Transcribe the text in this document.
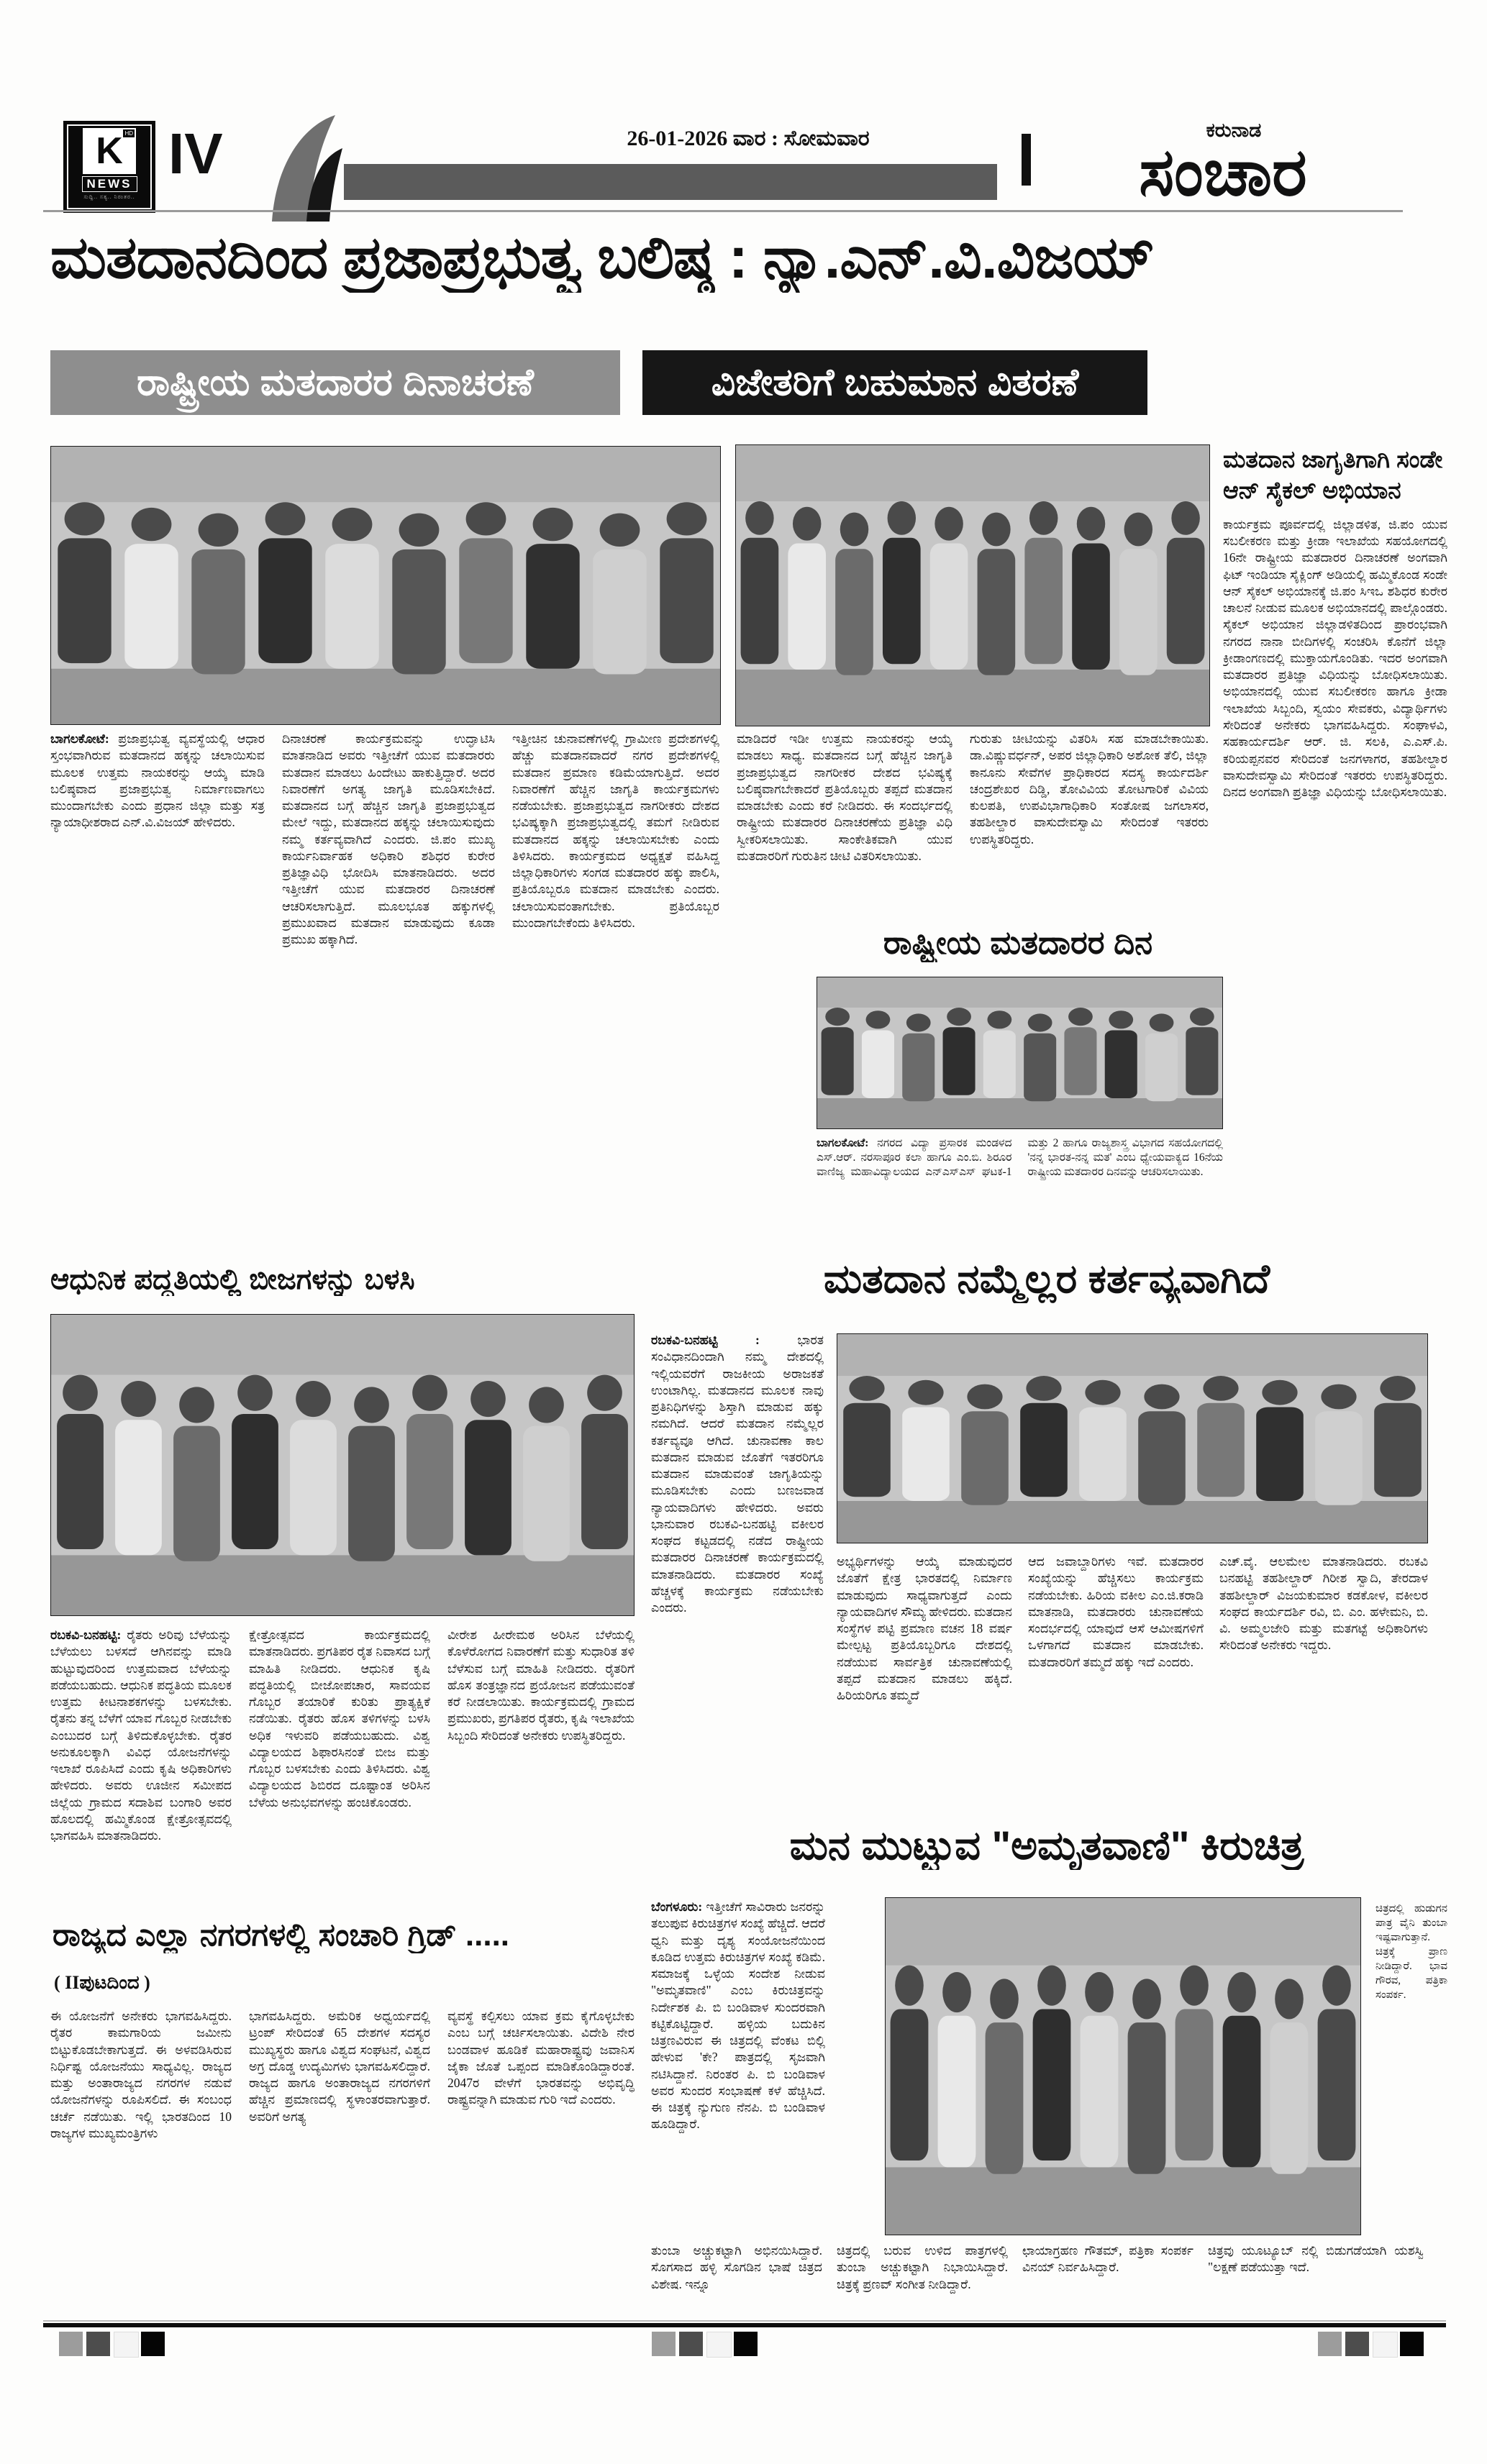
K HD
NEWS
ಸುದ್ದಿ.. ಸತ್ಯ.. ನಿರಂತರ..
IV	26-01-2026 ವಾರ : ಸೋಮವಾರ	ಕರುನಾಡ
ಸಂಚಾರ
ಮತದಾನದಿಂದ ಪ್ರಜಾಪ್ರಭುತ್ವ ಬಲಿಷ್ಠ : ನ್ಯಾ.ಎನ್.ವಿ.ವಿಜಯ್
ರಾಷ್ಟ್ರೀಯ ಮತದಾರರ ದಿನಾಚರಣೆ	ವಿಜೇತರಿಗೆ ಬಹುಮಾನ ವಿತರಣೆ
ಮತದಾನ ಜಾಗೃತಿಗಾಗಿ ಸಂಡೇ ಆನ್ ಸೈಕಲ್ ಅಭಿಯಾನ
ಕಾರ್ಯಕ್ರಮ ಪೂರ್ವದಲ್ಲಿ ಜಿಲ್ಲಾಡಳಿತ, ಜಿ.ಪಂ ಯುವ ಸಬಲೀಕರಣ ಮತ್ತು ಕ್ರೀಡಾ ಇಲಾಖೆಯ ಸಹಯೋಗದಲ್ಲಿ 16ನೇ ರಾಷ್ಟ್ರೀಯ ಮತದಾರರ ದಿನಾಚರಣೆ ಅಂಗವಾಗಿ ಫಿಟ್ ಇಂಡಿಯಾ ಸೈಕ್ಲಿಂಗ್ ಅಡಿಯಲ್ಲಿ ಹಮ್ಮಿಕೊಂಡ ಸಂಡೇ ಆನ್ ಸೈಕಲ್ ಅಭಿಯಾನಕ್ಕೆ ಜಿ.ಪಂ ಸಿಇಒ ಶಶಿಧರ ಕುರೇರ ಚಾಲನೆ ನೀಡುವ ಮೂಲಕ ಅಭಿಯಾನದಲ್ಲಿ ಪಾಲ್ಗೊಂಡರು. ಸೈಕಲ್ ಅಭಿಯಾನ ಜಿಲ್ಲಾಡಳಿತದಿಂದ ಪ್ರಾರಂಭವಾಗಿ ನಗರದ ನಾನಾ ಬೀದಿಗಳಲ್ಲಿ ಸಂಚರಿಸಿ ಕೊನೆಗೆ ಜಿಲ್ಲಾ ಕ್ರೀಡಾಂಗಣದಲ್ಲಿ ಮುಕ್ತಾಯಗೊಂಡಿತು. ಇದರ ಅಂಗವಾಗಿ ಮತದಾರರ ಪ್ರತಿಜ್ಞಾ ವಿಧಿಯನ್ನು ಬೋಧಿಸಲಾಯಿತು. ಅಭಿಯಾನದಲ್ಲಿ ಯುವ ಸಬಲೀಕರಣ ಹಾಗೂ ಕ್ರೀಡಾ ಇಲಾಖೆಯ ಸಿಬ್ಬಂದಿ, ಸ್ವಯಂ ಸೇವಕರು, ವಿದ್ಯಾರ್ಥಿಗಳು ಸೇರಿದಂತೆ ಅನೇಕರು ಭಾಗವಹಿಸಿದ್ದರು. ಸಂಘಾಳವಿ, ಸಹಕಾರ್ಯದರ್ಶಿ ಆರ್. ಜಿ. ಸಲಕಿ, ಎ.ಎಸ್.ಪಿ. ಕರಿಯಪ್ಪನವರ ಸೇರಿದಂತೆ ಜನಗಳಾಗರ, ತಹಶೀಲ್ದಾರ ವಾಸುದೇವಸ್ವಾಮಿ ಸೇರಿದಂತೆ ಇತರರು ಉಪಸ್ಥಿತರಿದ್ದರು. ದಿನದ ಅಂಗವಾಗಿ ಪ್ರತಿಜ್ಞಾ ವಿಧಿಯನ್ನು ಬೋಧಿಸಲಾಯಿತು.
ಬಾಗಲಕೋಟೆ: ಪ್ರಜಾಪ್ರಭುತ್ವ ವ್ಯವಸ್ಥೆಯಲ್ಲಿ ಆಧಾರ ಸ್ತಂಭವಾಗಿರುವ ಮತದಾನದ ಹಕ್ಕನ್ನು ಚಲಾಯಿಸುವ ಮೂಲಕ ಉತ್ತಮ ನಾಯಕರನ್ನು ಆಯ್ಕೆ ಮಾಡಿ ಬಲಿಷ್ಠವಾದ ಪ್ರಜಾಪ್ರಭುತ್ವ ನಿರ್ಮಾಣವಾಗಲು ಮುಂದಾಗಬೇಕು ಎಂದು ಪ್ರಧಾನ ಜಿಲ್ಲಾ ಮತ್ತು ಸತ್ರ ನ್ಯಾಯಾಧೀಶರಾದ ಎನ್.ವಿ.ವಿಜಯ್ ಹೇಳಿದರು.
ದಿನಾಚರಣೆ ಕಾರ್ಯಕ್ರಮವನ್ನು ಉದ್ಘಾಟಿಸಿ ಮಾತನಾಡಿದ ಅವರು ಇತ್ತೀಚೆಗೆ ಯುವ ಮತದಾರರು ಮತದಾನ ಮಾಡಲು ಹಿಂದೇಟು ಹಾಕುತ್ತಿದ್ದಾರೆ. ಅದರ ನಿವಾರಣೆಗೆ ಅಗತ್ಯ ಜಾಗೃತಿ ಮೂಡಿಸಬೇಕಿದೆ. ಮತದಾನದ ಬಗ್ಗೆ ಹೆಚ್ಚಿನ ಜಾಗೃತಿ ಪ್ರಜಾಪ್ರಭುತ್ವದ ಮೇಲೆ ಇದ್ದು, ಮತದಾನದ ಹಕ್ಕನ್ನು ಚಲಾಯಿಸುವುದು ನಮ್ಮ ಕರ್ತವ್ಯವಾಗಿದೆ ಎಂದರು. ಜಿ.ಪಂ ಮುಖ್ಯ ಕಾರ್ಯನಿರ್ವಾಹಕ ಅಧಿಕಾರಿ ಶಶಿಧರ ಕುರೇರ ಪ್ರತಿಜ್ಞಾವಿಧಿ ಭೋದಿಸಿ ಮಾತನಾಡಿದರು. ಅದರ ಇತ್ತೀಚೆಗೆ ಯುವ ಮತದಾರರ ದಿನಾಚರಣೆ ಆಚರಿಸಲಾಗುತ್ತಿದೆ. ಮೂಲಭೂತ ಹಕ್ಕುಗಳಲ್ಲಿ ಪ್ರಮುಖವಾದ ಮತದಾನ ಮಾಡುವುದು ಕೂಡಾ ಪ್ರಮುಖ ಹಕ್ಕಾಗಿದೆ.
ಇತ್ತೀಚಿನ ಚುನಾವಣೆಗಳಲ್ಲಿ ಗ್ರಾಮೀಣ ಪ್ರದೇಶಗಳಲ್ಲಿ ಹೆಚ್ಚು ಮತದಾನವಾದರೆ ನಗರ ಪ್ರದೇಶಗಳಲ್ಲಿ ಮತದಾನ ಪ್ರಮಾಣ ಕಡಿಮೆಯಾಗುತ್ತಿದೆ. ಅದರ ನಿವಾರಣೆಗೆ ಹೆಚ್ಚಿನ ಜಾಗೃತಿ ಕಾರ್ಯಕ್ರಮಗಳು ನಡೆಯಬೇಕು. ಪ್ರಜಾಪ್ರಭುತ್ವದ ನಾಗರೀಕರು ದೇಶದ ಭವಿಷ್ಯಕ್ಕಾಗಿ ಪ್ರಜಾಪ್ರಭುತ್ವದಲ್ಲಿ ತಮಗೆ ನೀಡಿರುವ ಮತದಾನದ ಹಕ್ಕನ್ನು ಚಲಾಯಿಸಬೇಕು ಎಂದು ತಿಳಿಸಿದರು. ಕಾರ್ಯಕ್ರಮದ ಅಧ್ಯಕ್ಷತೆ ವಹಿಸಿದ್ದ ಜಿಲ್ಲಾಧಿಕಾರಿಗಳು ಸಂಗಡ ಮತದಾರರ ಹಕ್ಕು ಪಾಲಿಸಿ, ಪ್ರತಿಯೊಬ್ಬರೂ ಮತದಾನ ಮಾಡಬೇಕು ಎಂದರು. ಚಲಾಯಿಸುವಂತಾಗಬೇಕು. ಪ್ರತಿಯೊಬ್ಬರ ಮುಂದಾಗಬೇಕೆಂದು ತಿಳಿಸಿದರು.
ಮಾಡಿದರೆ ಇಡೀ ಉತ್ತಮ ನಾಯಕರನ್ನು ಆಯ್ಕೆ ಮಾಡಲು ಸಾಧ್ಯ. ಮತದಾನದ ಬಗ್ಗೆ ಹೆಚ್ಚಿನ ಜಾಗೃತಿ ಪ್ರಜಾಪ್ರಭುತ್ವದ ನಾಗರೀಕರ ದೇಶದ ಭವಿಷ್ಯಕ್ಕೆ ಬಲಿಷ್ಠವಾಗಬೇಕಾದರೆ ಪ್ರತಿಯೊಬ್ಬರು ತಪ್ಪದೆ ಮತದಾನ ಮಾಡಬೇಕು ಎಂದು ಕರೆ ನೀಡಿದರು. ಈ ಸಂದರ್ಭದಲ್ಲಿ ರಾಷ್ಟ್ರೀಯ ಮತದಾರರ ದಿನಾಚರಣೆಯ ಪ್ರತಿಜ್ಞಾ ವಿಧಿ ಸ್ವೀಕರಿಸಲಾಯಿತು. ಸಾಂಕೇತಿಕವಾಗಿ ಯುವ ಮತದಾರರಿಗೆ ಗುರುತಿನ ಚೀಟಿ ವಿತರಿಸಲಾಯಿತು.
ಗುರುತು ಚೀಟಿಯನ್ನು ವಿತರಿಸಿ ಸಹ ಮಾಡಬೇಕಾಯಿತು. ಡಾ.ವಿಷ್ಣುವರ್ಧನ್, ಅಪರ ಜಿಲ್ಲಾಧಿಕಾರಿ ಅಶೋಕ ತೆಲಿ, ಜಿಲ್ಲಾ ಕಾನೂನು ಸೇವೆಗಳ ಪ್ರಾಧಿಕಾರದ ಸದಸ್ಯ ಕಾರ್ಯದರ್ಶಿ ಚಂದ್ರಶೇಖರ ದಿಡ್ಡಿ, ತೋವಿವಿಯ ತೋಟಗಾರಿಕೆ ವಿವಿಯ ಕುಲಪತಿ, ಉಪವಿಭಾಗಾಧಿಕಾರಿ ಸಂತೋಷ ಜಗಲಾಸರ, ತಹಶೀಲ್ದಾರ ವಾಸುದೇವಸ್ವಾಮಿ ಸೇರಿದಂತೆ ಇತರರು ಉಪಸ್ಥಿತರಿದ್ದರು.
ರಾಷ್ಟ್ರೀಯ ಮತದಾರರ ದಿನ
ಬಾಗಲಕೋಟೆ: ನಗರದ ವಿದ್ಯಾ ಪ್ರಸಾರಕ ಮಂಡಳದ ಎಸ್.ಆರ್. ನರಸಾಪೂರ ಕಲಾ ಹಾಗೂ ಎಂ.ಬಿ. ಶಿರೂರ ವಾಣಿಜ್ಯ ಮಹಾವಿದ್ಯಾಲಯದ ಎನ್ಎಸ್ಎಸ್ ಘಟಕ-1 ಮತ್ತು 2 ಹಾಗೂ ರಾಜ್ಯಶಾಸ್ತ್ರ ವಿಭಾಗದ ಸಹಯೋಗದಲ್ಲಿ 'ನನ್ನ ಭಾರತ-ನನ್ನ ಮತ' ಎಂಬ ಧ್ಯೇಯವಾಕ್ಯದ 16ನೆಯ ರಾಷ್ಟ್ರೀಯ ಮತದಾರರ ದಿನವನ್ನು ಆಚರಿಸಲಾಯಿತು.
ಆಧುನಿಕ ಪದ್ಧತಿಯಲ್ಲಿ ಬೀಜಗಳನ್ನು ಬಳಸಿ
ರಬಕವಿ-ಬನಹಟ್ಟಿ: ರೈತರು ಅರಿವು ಬೆಳೆಯನ್ನು ಬೆಳೆಯಲು ಬಳಸದೆ ಆಗಿನವನ್ನು ಮಾಡಿ ಹುಟ್ಟುವುದರಿಂದ ಉತ್ತಮವಾದ ಬೆಳೆಯನ್ನು ಪಡೆಯಬಹುದು. ಆಧುನಿಕ ಪದ್ಧತಿಯ ಮೂಲಕ ಉತ್ತಮ ಕೀಟನಾಶಕಗಳನ್ನು ಬಳಸಬೇಕು. ರೈತನು ತನ್ನ ಬೆಳೆಗೆ ಯಾವ ಗೊಬ್ಬರ ನೀಡಬೇಕು ಎಂಬುದರ ಬಗ್ಗೆ ತಿಳಿದುಕೊಳ್ಳಬೇಕು. ರೈತರ ಅನುಕೂಲಕ್ಕಾಗಿ ವಿವಿಧ ಯೋಜನೆಗಳನ್ನು ಇಲಾಖೆ ರೂಪಿಸಿದೆ ಎಂದು ಕೃಷಿ ಅಧಿಕಾರಿಗಳು ಹೇಳಿದರು. ಅವರು ಊಜೀನ ಸಮೀಪದ ಜಿಲ್ಲೆಯ ಗ್ರಾಮದ ಸದಾಶಿವ ಬಂಗಾರಿ ಅವರ ಹೊಲದಲ್ಲಿ ಹಮ್ಮಿಕೊಂಡ ಕ್ಷೇತ್ರೋತ್ಸವದಲ್ಲಿ ಭಾಗವಹಿಸಿ ಮಾತನಾಡಿದರು.
ಕ್ಷೇತ್ರೋತ್ಸವದ ಕಾರ್ಯಕ್ರಮದಲ್ಲಿ ಮಾತನಾಡಿದರು. ಪ್ರಗತಿಪರ ರೈತ ನಿವಾಸದ ಬಗ್ಗೆ ಮಾಹಿತಿ ನೀಡಿದರು. ಆಧುನಿಕ ಕೃಷಿ ಪದ್ಧತಿಯಲ್ಲಿ ಬೀಜೋಪಚಾರ, ಸಾವಯವ ಗೊಬ್ಬರ ತಯಾರಿಕೆ ಕುರಿತು ಪ್ರಾತ್ಯಕ್ಷಿಕೆ ನಡೆಯಿತು. ರೈತರು ಹೊಸ ತಳಿಗಳನ್ನು ಬಳಸಿ ಅಧಿಕ ಇಳುವರಿ ಪಡೆಯಬಹುದು. ವಿಶ್ವ ವಿದ್ಯಾಲಯದ ಶಿಫಾರಸಿನಂತೆ ಬೀಜ ಮತ್ತು ಗೊಬ್ಬರ ಬಳಸಬೇಕು ಎಂದು ತಿಳಿಸಿದರು. ವಿಶ್ವ ವಿದ್ಯಾಲಯದ ಶಿಬಿರದ ದೂಷ್ಟಾಂತ ಅರಿಸಿನ ಬೆಳೆಯ ಅನುಭವಗಳನ್ನು ಹಂಚಿಕೊಂಡರು.
ವೀರೇಶ ಹೀರೇಮಠ ಅರಿಸಿನ ಬೆಳೆಯಲ್ಲಿ ಕೊಳೆರೋಗದ ನಿವಾರಣೆಗೆ ಮತ್ತು ಸುಧಾರಿತ ತಳಿ ಬೆಳೆಸುವ ಬಗ್ಗೆ ಮಾಹಿತಿ ನೀಡಿದರು. ರೈತರಿಗೆ ಹೊಸ ತಂತ್ರಜ್ಞಾನದ ಪ್ರಯೋಜನ ಪಡೆಯುವಂತೆ ಕರೆ ನೀಡಲಾಯಿತು. ಕಾರ್ಯಕ್ರಮದಲ್ಲಿ ಗ್ರಾಮದ ಪ್ರಮುಖರು, ಪ್ರಗತಿಪರ ರೈತರು, ಕೃಷಿ ಇಲಾಖೆಯ ಸಿಬ್ಬಂದಿ ಸೇರಿದಂತೆ ಅನೇಕರು ಉಪಸ್ಥಿತರಿದ್ದರು.
ಮತದಾನ ನಮ್ಮೆಲ್ಲರ ಕರ್ತವ್ಯವಾಗಿದೆ
ರಬಕವಿ-ಬನಹಟ್ಟಿ :	ಭಾರತ ಸಂವಿಧಾನದಿಂದಾಗಿ ನಮ್ಮ ದೇಶದಲ್ಲಿ ಇಲ್ಲಿಯವರೆಗೆ ರಾಜಕೀಯ ಅರಾಜಕತೆ ಉಂಟಾಗಿಲ್ಲ. ಮತದಾನದ ಮೂಲಕ ನಾವು ಪ್ರತಿನಿಧಿಗಳನ್ನು ಶಿಸ್ತಾಗಿ ಮಾಡುವ ಹಕ್ಕು ನಮಗಿದೆ. ಆದರೆ ಮತದಾನ ನಮ್ಮೆಲ್ಲರ ಕರ್ತವ್ಯವೂ ಆಗಿದೆ. ಚುನಾವಣಾ ಕಾಲ ಮತದಾನ ಮಾಡುವ ಜೊತೆಗೆ ಇತರರಿಗೂ ಮತದಾನ ಮಾಡುವಂತೆ ಜಾಗೃತಿಯನ್ನು ಮೂಡಿಸಬೇಕು ಎಂದು ಬಣಜವಾಡ ನ್ಯಾಯವಾದಿಗಳು ಹೇಳಿದರು. ಅವರು ಭಾನುವಾರ ರಬಕವಿ-ಬನಹಟ್ಟಿ ವಕೀಲರ ಸಂಘದ ಕಟ್ಟಡದಲ್ಲಿ ನಡೆದ ರಾಷ್ಟ್ರೀಯ ಮತದಾರರ ದಿನಾಚರಣೆ ಕಾರ್ಯಕ್ರಮದಲ್ಲಿ ಮಾತನಾಡಿದರು. ಮತದಾರರ ಸಂಖ್ಯೆ ಹೆಚ್ಚಳಕ್ಕೆ ಕಾರ್ಯಕ್ರಮ ನಡೆಯಬೇಕು ಎಂದರು.
ಅಭ್ಯರ್ಥಿಗಳನ್ನು ಆಯ್ಕೆ ಮಾಡುವುದರ ಜೊತೆಗೆ ಕ್ಷೇತ್ರ ಭಾರತದಲ್ಲಿ ನಿರ್ಮಾಣ ಮಾಡುವುದು ಸಾಧ್ಯವಾಗುತ್ತದೆ ಎಂದು ನ್ಯಾಯವಾದಿಗಳ ಸೌಮ್ಯ ಹೇಳಿದರು. ಮತದಾನ ಸಂಸ್ಥೆಗಳ ಪಟ್ಟಿ ಪ್ರಮಾಣ ವಚನ 18 ವರ್ಷ ಮೇಲ್ಪಟ್ಟ ಪ್ರತಿಯೊಬ್ಬರಿಗೂ ದೇಶದಲ್ಲಿ ನಡೆಯುವ ಸಾರ್ವತ್ರಿಕ ಚುನಾವಣೆಯಲ್ಲಿ ತಪ್ಪದೆ ಮತದಾನ ಮಾಡಲು ಹಕ್ಕಿದೆ. ಹಿರಿಯರಿಗೂ ತಮ್ಮದೆ
ಆದ ಜವಾಬ್ದಾರಿಗಳು ಇವೆ. ಮತದಾರರ ಸಂಖ್ಯೆಯನ್ನು ಹೆಚ್ಚಿಸಲು ಕಾರ್ಯಕ್ರಮ ನಡೆಯಬೇಕು. ಹಿರಿಯ ವಕೀಲ ಎಂ.ಜಿ.ಕರಾಡಿ ಮಾತನಾಡಿ, ಮತದಾರರು ಚುನಾವಣೆಯ ಸಂದರ್ಭದಲ್ಲಿ ಯಾವುದೆ ಆಸೆ ಆಮೀಷಗಳಿಗೆ ಒಳಗಾಗದೆ ಮತದಾನ ಮಾಡಬೇಕು. ಮತದಾರರಿಗೆ ತಮ್ಮದೆ ಹಕ್ಕು ಇದೆ ಎಂದರು.
ಎಚ್.ವೈ. ಆಲಮೇಲ ಮಾತನಾಡಿದರು. ರಬಕವಿ ಬನಹಟ್ಟಿ ತಹಶೀಲ್ದಾರ್ ಗಿರೀಶ ಸ್ವಾದಿ, ತೇರದಾಳ ತಹಶೀಲ್ದಾರ್ ವಿಜಯಕುಮಾರ ಕಡಕೋಳ, ವಕೀಲರ ಸಂಘದ ಕಾರ್ಯದರ್ಶಿ ರವಿ, ಬಿ. ಎಂ. ಹಳೇಮನಿ, ಬಿ. ವಿ. ಅಮ್ಮಲಜೇರಿ ಮತ್ತು ಮತಗಟ್ಟೆ ಅಧಿಕಾರಿಗಳು ಸೇರಿದಂತೆ ಅನೇಕರು ಇದ್ದರು.
ಮನ ಮುಟ್ಟುವ "ಅಮೃತವಾಣಿ" ಕಿರುಚಿತ್ರ
ಬೆಂಗಳೂರು: ಇತ್ತೀಚೆಗೆ ಸಾವಿರಾರು ಜನರನ್ನು ತಲುಪುವ ಕಿರುಚಿತ್ರಗಳ ಸಂಖ್ಯೆ ಹೆಚ್ಚಿದೆ. ಆದರೆ ಧ್ವನಿ ಮತ್ತು ದೃಶ್ಯ ಸಂಯೋಜನೆಯಿಂದ ಕೂಡಿದ ಉತ್ತಮ ಕಿರುಚಿತ್ರಗಳ ಸಂಖ್ಯೆ ಕಡಿಮೆ. ಸಮಾಜಕ್ಕೆ ಒಳ್ಳೆಯ ಸಂದೇಶ ನೀಡುವ "ಅಮೃತವಾಣಿ" ಎಂಬ ಕಿರುಚಿತ್ರವನ್ನು ನಿರ್ದೇಶಕ ಪಿ. ಬಿ ಬಂಡಿವಾಳ ಸುಂದರವಾಗಿ ಕಟ್ಟಿಕೊಟ್ಟಿದ್ದಾರೆ. ಹಳ್ಳಿಯ ಬದುಕಿನ ಚಿತ್ರಣವಿರುವ ಈ ಚಿತ್ರದಲ್ಲಿ ವೆಂಕಟ ಬಿಲ್ಲಿ ಹೇಳುವ 'ಕೇ? ಪಾತ್ರದಲ್ಲಿ ಸೃಜವಾಗಿ ನಟಿಸಿದ್ದಾನೆ. ನಿರಂತರ ಪಿ. ಬಿ ಬಂಡಿವಾಳ ಅವರ ಸುಂದರ ಸಂಭಾಷಣೆ ಕಳೆ ಹೆಚ್ಚಿಸಿದೆ. ಈ ಚಿತ್ರಕ್ಕೆ ನ್ಯುಗುಣ ನೆನಪಿ. ಬಿ ಬಂಡಿವಾಳ ಹೂಡಿದ್ದಾರೆ.
ಚಿತ್ರದಲ್ಲಿ ಹುಡುಗನ ಪಾತ್ರ ವೈನಿ ತುಂಬಾ ಇಷ್ಟವಾಗುತ್ತಾನೆ. ಚಿತ್ರಕ್ಕೆ ಪ್ರಾಣ ನೀಡಿದ್ದಾರೆ. ಭಾವ ಗೌರವ, ಪತ್ರಿಕಾ ಸಂಪರ್ಕ.
ತುಂಬಾ ಅಚ್ಚುಕಟ್ಟಾಗಿ ಅಭಿನಯಿಸಿದ್ದಾರೆ. ಸೊಗಸಾದ ಹಳ್ಳಿ ಸೊಗಡಿನ ಭಾಷೆ ಚಿತ್ರದ ವಿಶೇಷ. ಇನ್ನೂ
ಚಿತ್ರದಲ್ಲಿ ಬರುವ ಉಳಿದ ಪಾತ್ರಗಳಲ್ಲಿ ತುಂಬಾ ಅಚ್ಚುಕಟ್ಟಾಗಿ ನಿಭಾಯಿಸಿದ್ದಾರೆ. ಚಿತ್ರಕ್ಕೆ ಪ್ರಣವ್ ಸಂಗೀತ ನೀಡಿದ್ದಾರೆ.
ಛಾಯಾಗ್ರಹಣ ಗೌತಮ್, ಪತ್ರಿಕಾ ಸಂಪರ್ಕ ವಿನಯ್ ನಿರ್ವಹಿಸಿದ್ದಾರೆ.
ಚಿತ್ರವು ಯೂಟ್ಯೂಬ್ ನಲ್ಲಿ ಬಿಡುಗಡೆಯಾಗಿ ಯಶಸ್ವಿ "ಲಕ್ಷಣೆ ಪಡೆಯುತ್ತಾ ಇದೆ.
ರಾಜ್ಯದ ಎಲ್ಲಾ ನಗರಗಳಲ್ಲಿ ಸಂಚಾರಿ ಗ್ರಿಡ್ .....
( IIಪುಟದಿಂದ )
ಈ ಯೋಜನೆಗೆ ಅನೇಕರು ಭಾಗವಹಿಸಿದ್ದರು. ರೈತರ ಕಾಮಗಾರಿಯ ಜಮೀನು ಬಿಟ್ಟುಕೊಡಬೇಕಾಗುತ್ತದೆ. ಈ ಅಳವಡಿಸಿರುವ ನಿರ್ಧಿಷ್ಟ ಯೋಜನೆಯು ಸಾಧ್ಯವಿಲ್ಲ. ರಾಜ್ಯದ ಮತ್ತು ಅಂತಾರಾಜ್ಯದ ನಗರಗಳ ನಡುವೆ ಯೋಜನೆಗಳನ್ನು ರೂಪಿಸಲಿದೆ. ಈ ಸಂಬಂಧ ಚರ್ಚೆ ನಡೆಯಿತು. ಇಲ್ಲಿ ಭಾರತದಿಂದ 10 ರಾಜ್ಯಗಳ ಮುಖ್ಯಮಂತ್ರಿಗಳು
ಭಾಗವಹಿಸಿದ್ದರು. ಅಮೆರಿಕ ಅಧ್ವರ್ಯದಲ್ಲಿ ಟ್ರಂಪ್ ಸೇರಿದಂತೆ 65 ದೇಶಗಳ ಸದಸ್ಯರ ಮುಖ್ಯಸ್ಥರು ಹಾಗೂ ವಿಶ್ವದ ಸಂಘಟನೆ, ವಿಶ್ವದ ಅಗ್ರ ದೊಡ್ಡ ಉದ್ಯಮಿಗಳು ಭಾಗವಹಿಸಲಿದ್ದಾರೆ. ರಾಜ್ಯದ ಹಾಗೂ ಅಂತಾರಾಜ್ಯದ ನಗರಗಳಿಗೆ ಹೆಚ್ಚಿನ ಪ್ರಮಾಣದಲ್ಲಿ ಸ್ಥಳಾಂತರವಾಗುತ್ತಾರೆ. ಅವರಿಗೆ ಅಗತ್ಯ
ವ್ಯವಸ್ಥೆ ಕಲ್ಪಿಸಲು ಯಾವ ಕ್ರಮ ಕೈಗೊಳ್ಳಬೇಕು ಎಂಬ ಬಗ್ಗೆ ಚರ್ಚಿಸಲಾಯಿತು. ವಿದೇಶಿ ನೇರ ಬಂಡವಾಳ ಹೂಡಿಕೆ ಮಹಾರಾಷ್ಟ್ರವು ಜವಾನಿಸ ಜೈಕಾ ಜೊತೆ ಒಪ್ಪಂದ ಮಾಡಿಕೊಂಡಿದ್ದಾರಂತೆ. 2047ರ ವೇಳೆಗೆ ಭಾರತವನ್ನು ಅಭಿವೃದ್ಧಿ ರಾಷ್ಟ್ರವನ್ನಾಗಿ ಮಾಡುವ ಗುರಿ ಇದೆ ಎಂದರು.
